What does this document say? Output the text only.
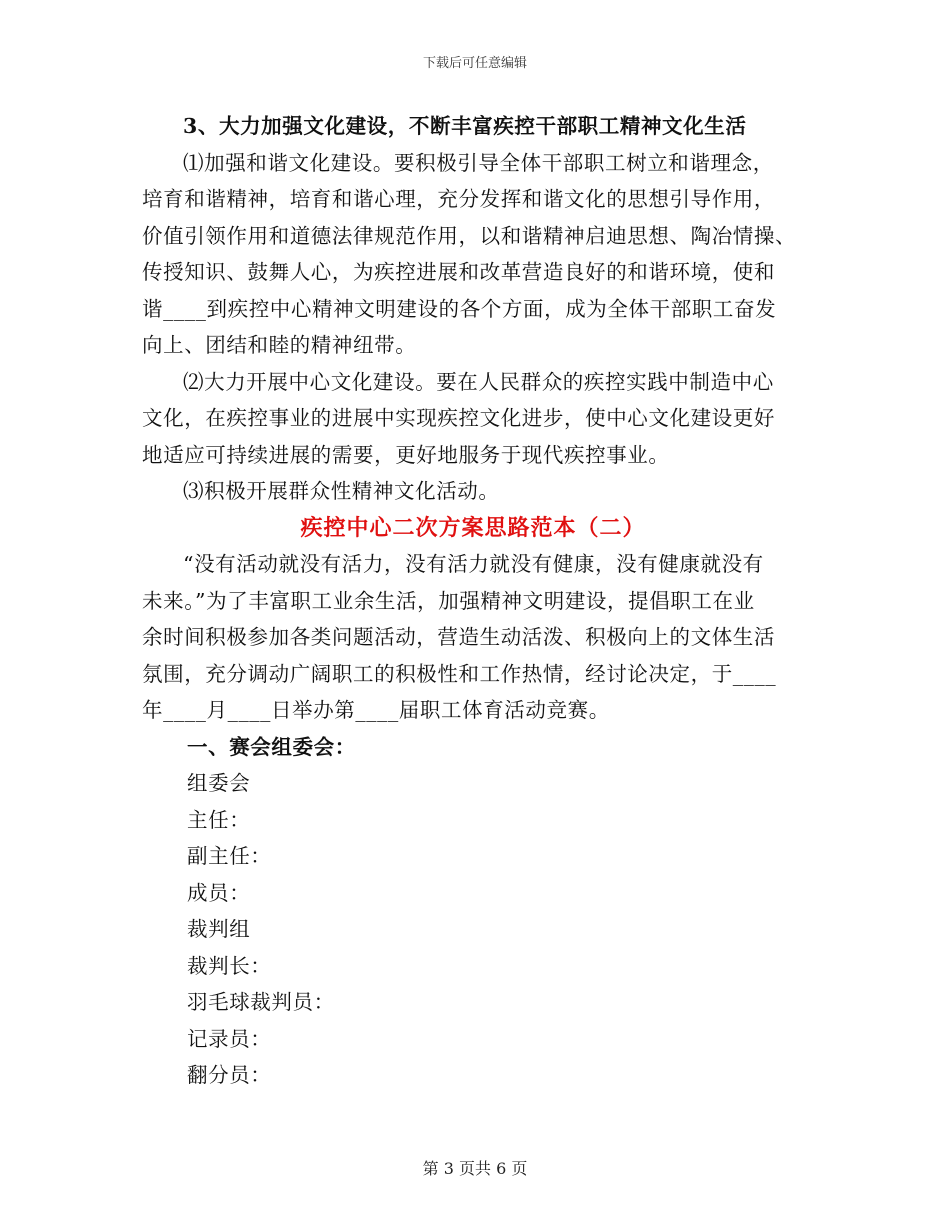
下载后可任意编辑

3、大力加强文化建设，不断丰富疾控干部职工精神文化生活

⑴加强和谐文化建设。要积极引导全体干部职工树立和谐理念，

培育和谐精神，培育和谐心理，充分发挥和谐文化的思想引导作用，

价值引领作用和道德法律规范作用，以和谐精神启迪思想、陶冶情操、

传授知识、鼓舞人心，为疾控进展和改革营造良好的和谐环境，使和

谐____到疾控中心精神文明建设的各个方面，成为全体干部职工奋发

向上、团结和睦的精神纽带。

⑵大力开展中心文化建设。要在人民群众的疾控实践中制造中心

文化，在疾控事业的进展中实现疾控文化进步，使中心文化建设更好

地适应可持续进展的需要，更好地服务于现代疾控事业。

⑶积极开展群众性精神文化活动。

疾控中心二次方案思路范本（二）

“没有活动就没有活力，没有活力就没有健康，没有健康就没有

未来。”为了丰富职工业余生活，加强精神文明建设，提倡职工在业

余时间积极参加各类问题活动，营造生动活泼、积极向上的文体生活

氛围，充分调动广阔职工的积极性和工作热情，经讨论决定，于____

年____月____日举办第____届职工体育活动竞赛。

一、赛会组委会：

组委会

主任：

副主任：

成员：

裁判组

裁判长：

羽毛球裁判员：

记录员：

翻分员：

第 3 页共 6 页
